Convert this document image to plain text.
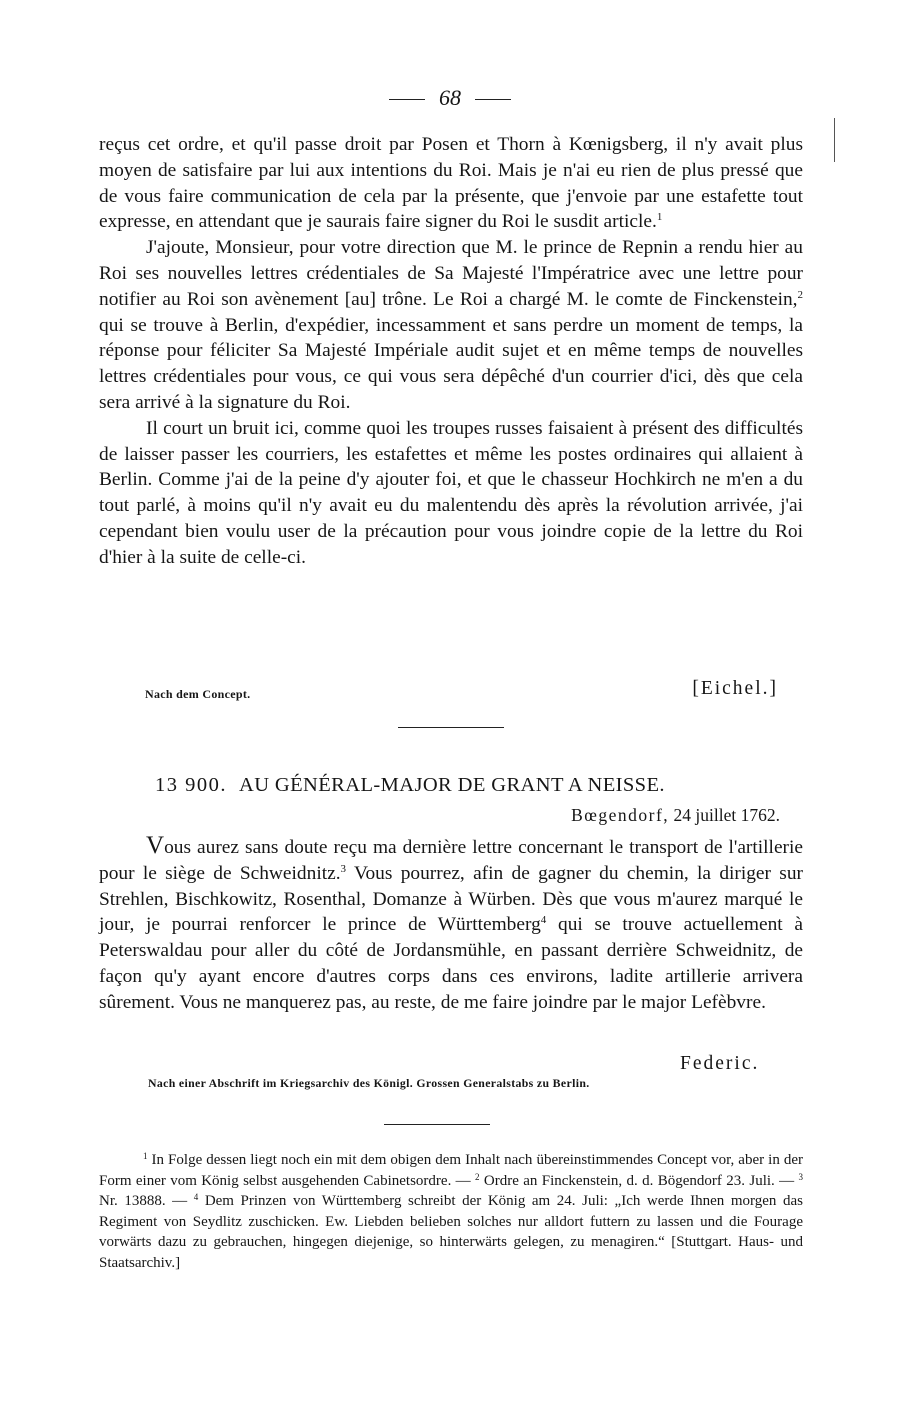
68

reçus cet ordre, et qu'il passe droit par Posen et Thorn à Kœnigsberg, il n'y avait plus moyen de satisfaire par lui aux intentions du Roi. Mais je n'ai eu rien de plus pressé que de vous faire communication de cela par la présente, que j'envoie par une estafette tout expresse, en attendant que je saurais faire signer du Roi le susdit article.$^1$

J'ajoute, Monsieur, pour votre direction que M. le prince de Repnin a rendu hier au Roi ses nouvelles lettres crédentiales de Sa Majesté l'Impératrice avec une lettre pour notifier au Roi son avènement [au] trône. Le Roi a chargé M. le comte de Finckenstein,$^2$ qui se trouve à Berlin, d'expédier, incessamment et sans perdre un moment de temps, la réponse pour féliciter Sa Majesté Impériale audit sujet et en même temps de nouvelles lettres crédentiales pour vous, ce qui vous sera dépêché d'un courrier d'ici, dès que cela sera arrivé à la signature du Roi.

Il court un bruit ici, comme quoi les troupes russes faisaient à présent des difficultés de laisser passer les courriers, les estafettes et même les postes ordinaires qui allaient à Berlin. Comme j'ai de la peine d'y ajouter foi, et que le chasseur Hochkirch ne m'en a du tout parlé, à moins qu'il n'y avait eu du malentendu dès après la révolution arrivée, j'ai cependant bien voulu user de la précaution pour vous joindre copie de la lettre du Roi d'hier à la suite de celle-ci.

Nach dem Concept.	[Eichel.]
13 900. AU GÉNÉRAL-MAJOR DE GRANT A NEISSE.
Bœgendorf, 24 juillet 1762.

Vous aurez sans doute reçu ma dernière lettre concernant le transport de l'artillerie pour le siège de Schweidnitz.$^3$ Vous pourrez, afin de gagner du chemin, la diriger sur Strehlen, Bischkowitz, Rosenthal, Domanze à Würben. Dès que vous m'aurez marqué le jour, je pourrai renforcer le prince de Württemberg$^4$ qui se trouve actuellement à Peterswaldau pour aller du côté de Jordansmühle, en passant derrière Schweidnitz, de façon qu'y ayant encore d'autres corps dans ces environs, ladite artillerie arrivera sûrement. Vous ne manquerez pas, au reste, de me faire joindre par le major Lefèbvre.

Federic.
Nach einer Abschrift im Kriegsarchiv des Königl. Grossen Generalstabs zu Berlin.

$^1$ In Folge dessen liegt noch ein mit dem obigen dem Inhalt nach übereinstimmendes Concept vor, aber in der Form einer vom König selbst ausgehenden Cabinetsordre. — $^2$ Ordre an Finckenstein, d. d. Bögendorf 23. Juli. — $^3$ Nr. 13888. — $^4$ Dem Prinzen von Württemberg schreibt der König am 24. Juli: „Ich werde Ihnen morgen das Regiment von Seydlitz zuschicken. Ew. Liebden belieben solches nur alldort futtern zu lassen und die Fourage vorwärts dazu zu gebrauchen, hingegen diejenige, so hinterwärts gelegen, zu menagiren.“ [Stuttgart. Haus- und Staatsarchiv.]
